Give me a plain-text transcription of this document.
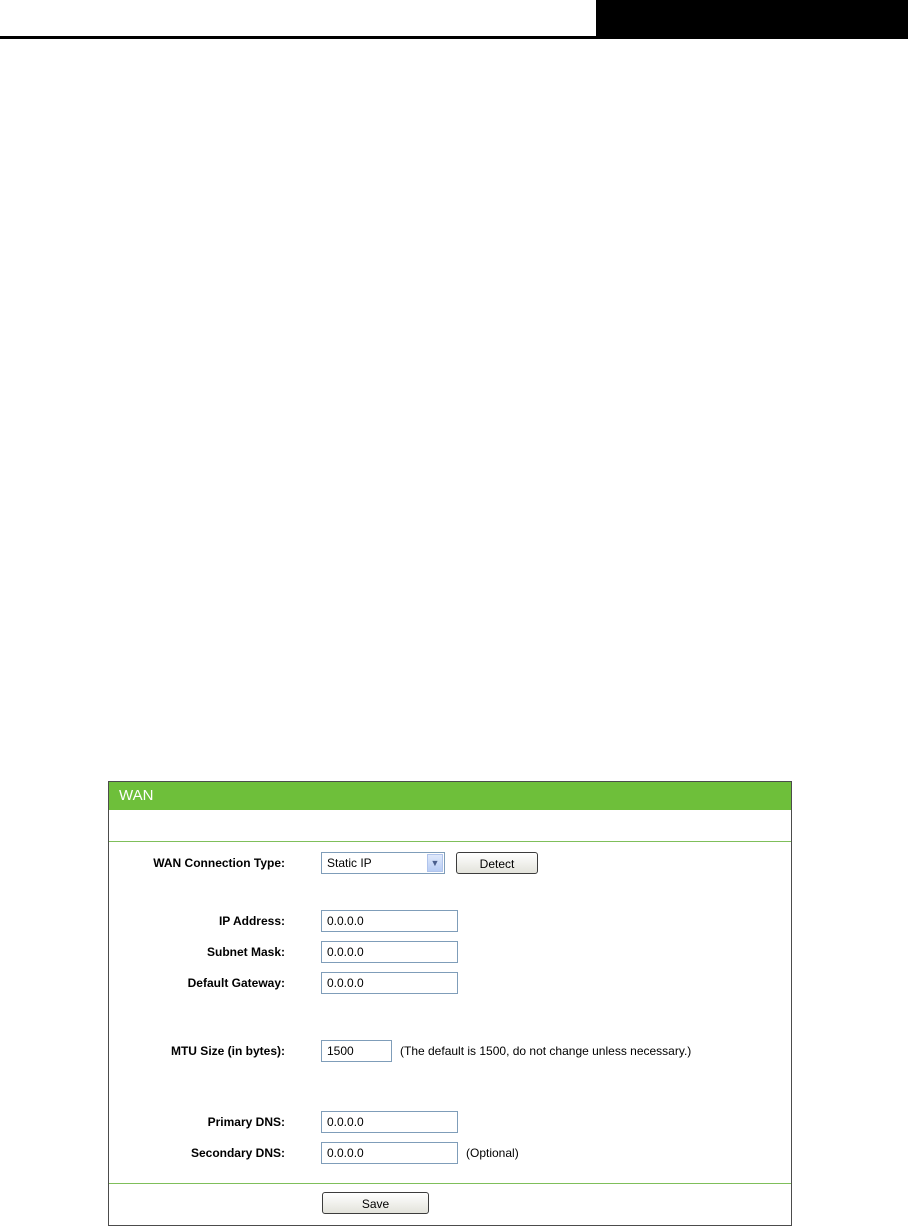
WAN
WAN Connection Type:	Static IP	▼	Detect
IP Address:
0.0.0.0
Subnet Mask:
0.0.0.0
Default Gateway:
0.0.0.0
MTU Size (in bytes):
1500	(The default is 1500, do not change unless necessary.)
Primary DNS:
0.0.0.0
Secondary DNS:
0.0.0.0	(Optional)
Save
